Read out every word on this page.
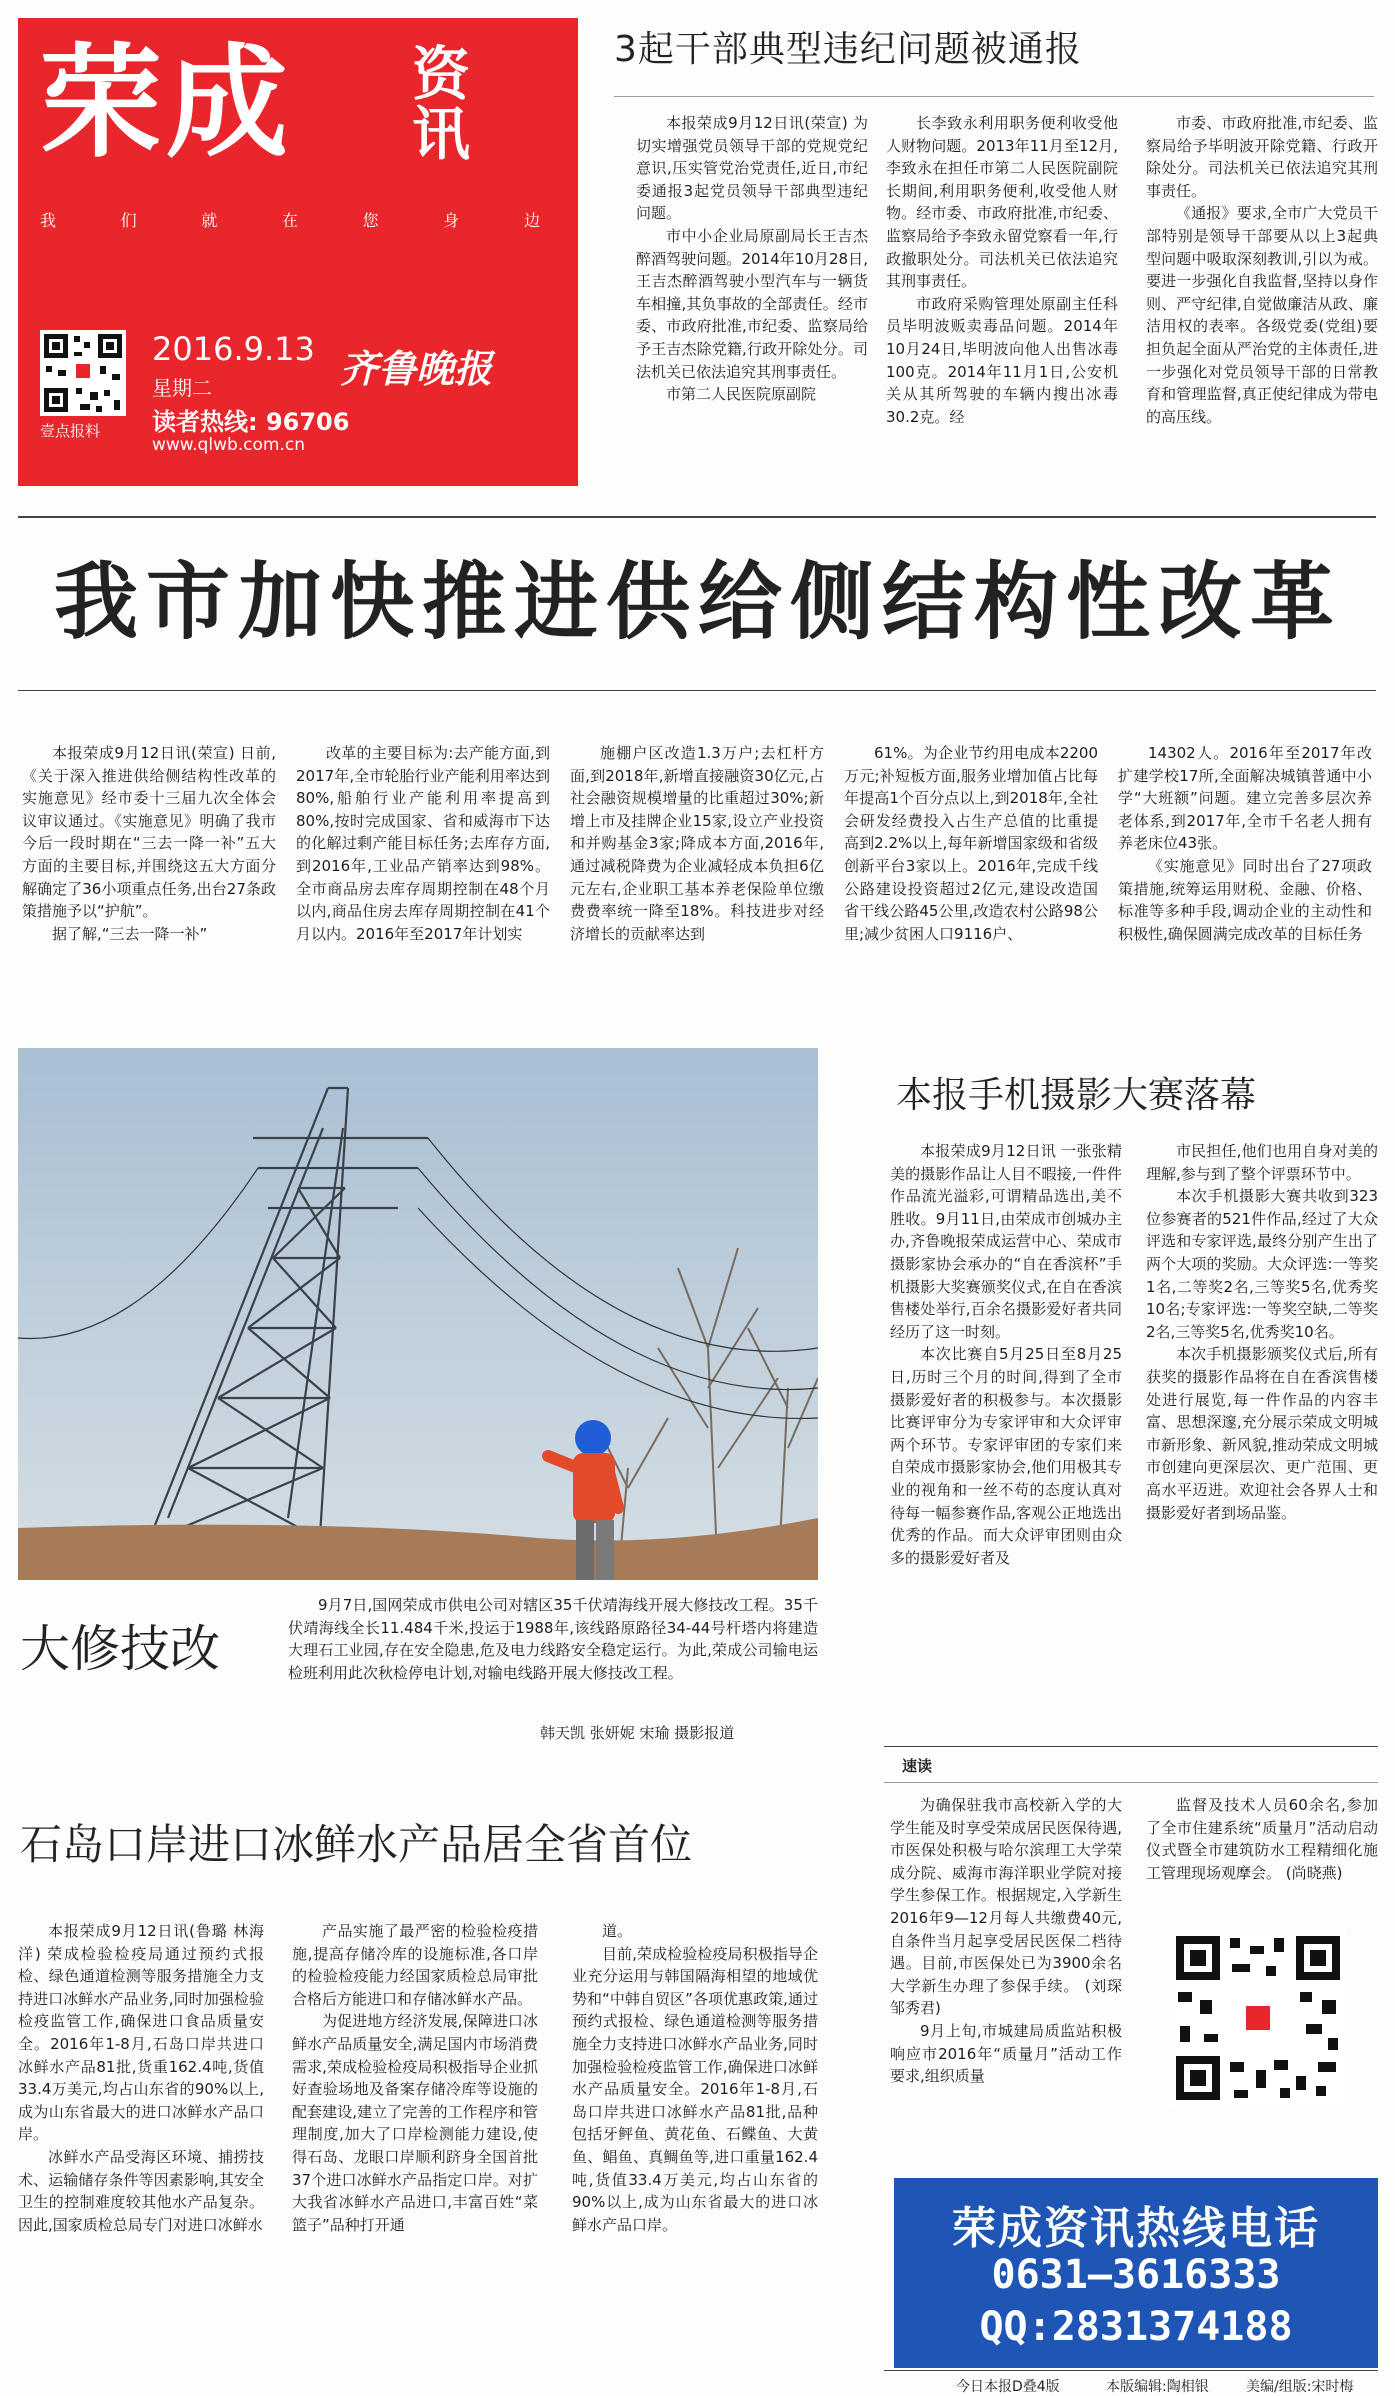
荣成 资讯
我	们	就	在	您	身	边
壹点报料
2016.9.13
星期二
读者热线: 96706
www.qlwb.com.cn
齐鲁晚报
3起干部典型违纪问题被通报

本报荣成9月12日讯(荣宣) 为切实增强党员领导干部的党规党纪意识,压实管党治党责任,近日,市纪委通报3起党员领导干部典型违纪问题。

市中小企业局原副局长王吉杰醉酒驾驶问题。2014年10月28日,王吉杰醉酒驾驶小型汽车与一辆货车相撞,其负事故的全部责任。经市委、市政府批准,市纪委、监察局给予王吉杰除党籍,行政开除处分。司法机关已依法追究其刑事责任。

市第二人民医院原副院

长李致永利用职务便利收受他人财物问题。2013年11月至12月,李致永在担任市第二人民医院副院长期间,利用职务便利,收受他人财物。经市委、市政府批准,市纪委、监察局给予李致永留党察看一年,行政撤职处分。司法机关已依法追究其刑事责任。

市政府采购管理处原副主任科员毕明波贩卖毒品问题。2014年10月24日,毕明波向他人出售冰毒100克。2014年11月1日,公安机关从其所驾驶的车辆内搜出冰毒30.2克。经

市委、市政府批准,市纪委、监察局给予毕明波开除党籍、行政开除处分。司法机关已依法追究其刑事责任。

《通报》要求,全市广大党员干部特别是领导干部要从以上3起典型问题中吸取深刻教训,引以为戒。要进一步强化自我监督,坚持以身作则、严守纪律,自觉做廉洁从政、廉洁用权的表率。各级党委(党组)要担负起全面从严治党的主体责任,进一步强化对党员领导干部的日常教育和管理监督,真正使纪律成为带电的高压线。

我市加快推进供给侧结构性改革

本报荣成9月12日讯(荣宣) 日前,《关于深入推进供给侧结构性改革的实施意见》经市委十三届九次全体会议审议通过。《实施意见》明确了我市今后一段时期在“三去一降一补”五大方面的主要目标,并围绕这五大方面分解确定了36小项重点任务,出台27条政策措施予以“护航”。

据了解,“三去一降一补”

改革的主要目标为:去产能方面,到2017年,全市轮胎行业产能利用率达到80%,船舶行业产能利用率提高到80%,按时完成国家、省和威海市下达的化解过剩产能目标任务;去库存方面,到2016年,工业品产销率达到98%。全市商品房去库存周期控制在48个月以内,商品住房去库存周期控制在41个月以内。2016年至2017年计划实

施棚户区改造1.3万户;去杠杆方面,到2018年,新增直接融资30亿元,占社会融资规模增量的比重超过30%;新增上市及挂牌企业15家,设立产业投资和并购基金3家;降成本方面,2016年,通过减税降费为企业减轻成本负担6亿元左右,企业职工基本养老保险单位缴费费率统一降至18%。科技进步对经济增长的贡献率达到

61%。为企业节约用电成本2200万元;补短板方面,服务业增加值占比每年提高1个百分点以上,到2018年,全社会研发经费投入占生产总值的比重提高到2.2%以上,每年新增国家级和省级创新平台3家以上。2016年,完成千线公路建设投资超过2亿元,建设改造国省干线公路45公里,改造农村公路98公里;减少贫困人口9116户、

14302人。2016年至2017年改扩建学校17所,全面解决城镇普通中小学“大班额”问题。建立完善多层次养老体系,到2017年,全市千名老人拥有养老床位43张。

《实施意见》同时出台了27项政策措施,统筹运用财税、金融、价格、标准等多种手段,调动企业的主动性和积极性,确保圆满完成改革的目标任务

大修技改
9月7日,国网荣成市供电公司对辖区35千伏靖海线开展大修技改工程。35千伏靖海线全长11.484千米,投运于1988年,该线路原路径34-44号杆塔内将建造大理石工业园,存在安全隐患,危及电力线路安全稳定运行。为此,荣成公司输电运检班利用此次秋检停电计划,对输电线路开展大修技改工程。
韩天凯 张妍妮 宋瑜 摄影报道
本报手机摄影大赛落幕

本报荣成9月12日讯 一张张精美的摄影作品让人目不暇接,一件件作品流光溢彩,可谓精品选出,美不胜收。9月11日,由荣成市创城办主办,齐鲁晚报荣成运营中心、荣成市摄影家协会承办的“自在香滨杯”手机摄影大奖赛颁奖仪式,在自在香滨售楼处举行,百余名摄影爱好者共同经历了这一时刻。

本次比赛自5月25日至8月25日,历时三个月的时间,得到了全市摄影爱好者的积极参与。本次摄影比赛评审分为专家评审和大众评审两个环节。专家评审团的专家们来自荣成市摄影家协会,他们用极其专业的视角和一丝不苟的态度认真对待每一幅参赛作品,客观公正地选出优秀的作品。而大众评审团则由众多的摄影爱好者及

市民担任,他们也用自身对美的理解,参与到了整个评票环节中。

本次手机摄影大赛共收到323位参赛者的521件作品,经过了大众评选和专家评选,最终分别产生出了两个大项的奖励。大众评选:一等奖1名,二等奖2名,三等奖5名,优秀奖10名;专家评选:一等奖空缺,二等奖2名,三等奖5名,优秀奖10名。

本次手机摄影颁奖仪式后,所有获奖的摄影作品将在自在香滨售楼处进行展览,每一件作品的内容丰富、思想深邃,充分展示荣成文明城市新形象、新风貌,推动荣成文明城市创建向更深层次、更广范围、更高水平迈进。欢迎社会各界人士和摄影爱好者到场品鉴。

石岛口岸进口冰鲜水产品居全省首位

本报荣成9月12日讯(鲁璐 林海洋) 荣成检验检疫局通过预约式报检、绿色通道检测等服务措施全力支持进口冰鲜水产品业务,同时加强检验检疫监管工作,确保进口食品质量安全。2016年1-8月,石岛口岸共进口冰鲜水产品81批,货重162.4吨,货值33.4万美元,均占山东省的90%以上,成为山东省最大的进口冰鲜水产品口岸。

冰鲜水产品受海区环境、捕捞技术、运输储存条件等因素影响,其安全卫生的控制难度较其他水产品复杂。因此,国家质检总局专门对进口冰鲜水

产品实施了最严密的检验检疫措施,提高存储冷库的设施标准,各口岸的检验检疫能力经国家质检总局审批合格后方能进口和存储冰鲜水产品。

为促进地方经济发展,保障进口冰鲜水产品质量安全,满足国内市场消费需求,荣成检验检疫局积极指导企业抓好查验场地及备案存储冷库等设施的配套建设,建立了完善的工作程序和管理制度,加大了口岸检测能力建设,使得石岛、龙眼口岸顺利跻身全国首批37个进口冰鲜水产品指定口岸。对扩大我省冰鲜水产品进口,丰富百姓“菜篮子”品种打开通

道。

目前,荣成检验检疫局积极指导企业充分运用与韩国隔海相望的地域优势和“中韩自贸区”各项优惠政策,通过预约式报检、绿色通道检测等服务措施全力支持进口冰鲜水产品业务,同时加强检验检疫监管工作,确保进口冰鲜水产品质量安全。2016年1-8月,石岛口岸共进口冰鲜水产品81批,品种包括牙鲆鱼、黄花鱼、石鲽鱼、大黄鱼、鲳鱼、真鲷鱼等,进口重量162.4吨,货值33.4万美元,均占山东省的90%以上,成为山东省最大的进口冰鲜水产品口岸。

速读

为确保驻我市高校新入学的大学生能及时享受荣成居民医保待遇,市医保处积极与哈尔滨理工大学荣成分院、威海市海洋职业学院对接学生参保工作。根据规定,入学新生2016年9—12月每人共缴费40元,自条件当月起享受居民医保二档待遇。目前,市医保处已为3900余名大学新生办理了参保手续。 (刘琛 邹秀君)

9月上旬,市城建局质监站积极响应市2016年“质量月”活动工作要求,组织质量

监督及技术人员60余名,参加了全市住建系统“质量月”活动启动仪式暨全市建筑防水工程精细化施工管理现场观摩会。 (尚晓燕)

荣成资讯热线电话
0631—3616333
QQ:2831374188
今日本报D叠4版	本版编辑:陶相银	美编/组版:宋时梅
